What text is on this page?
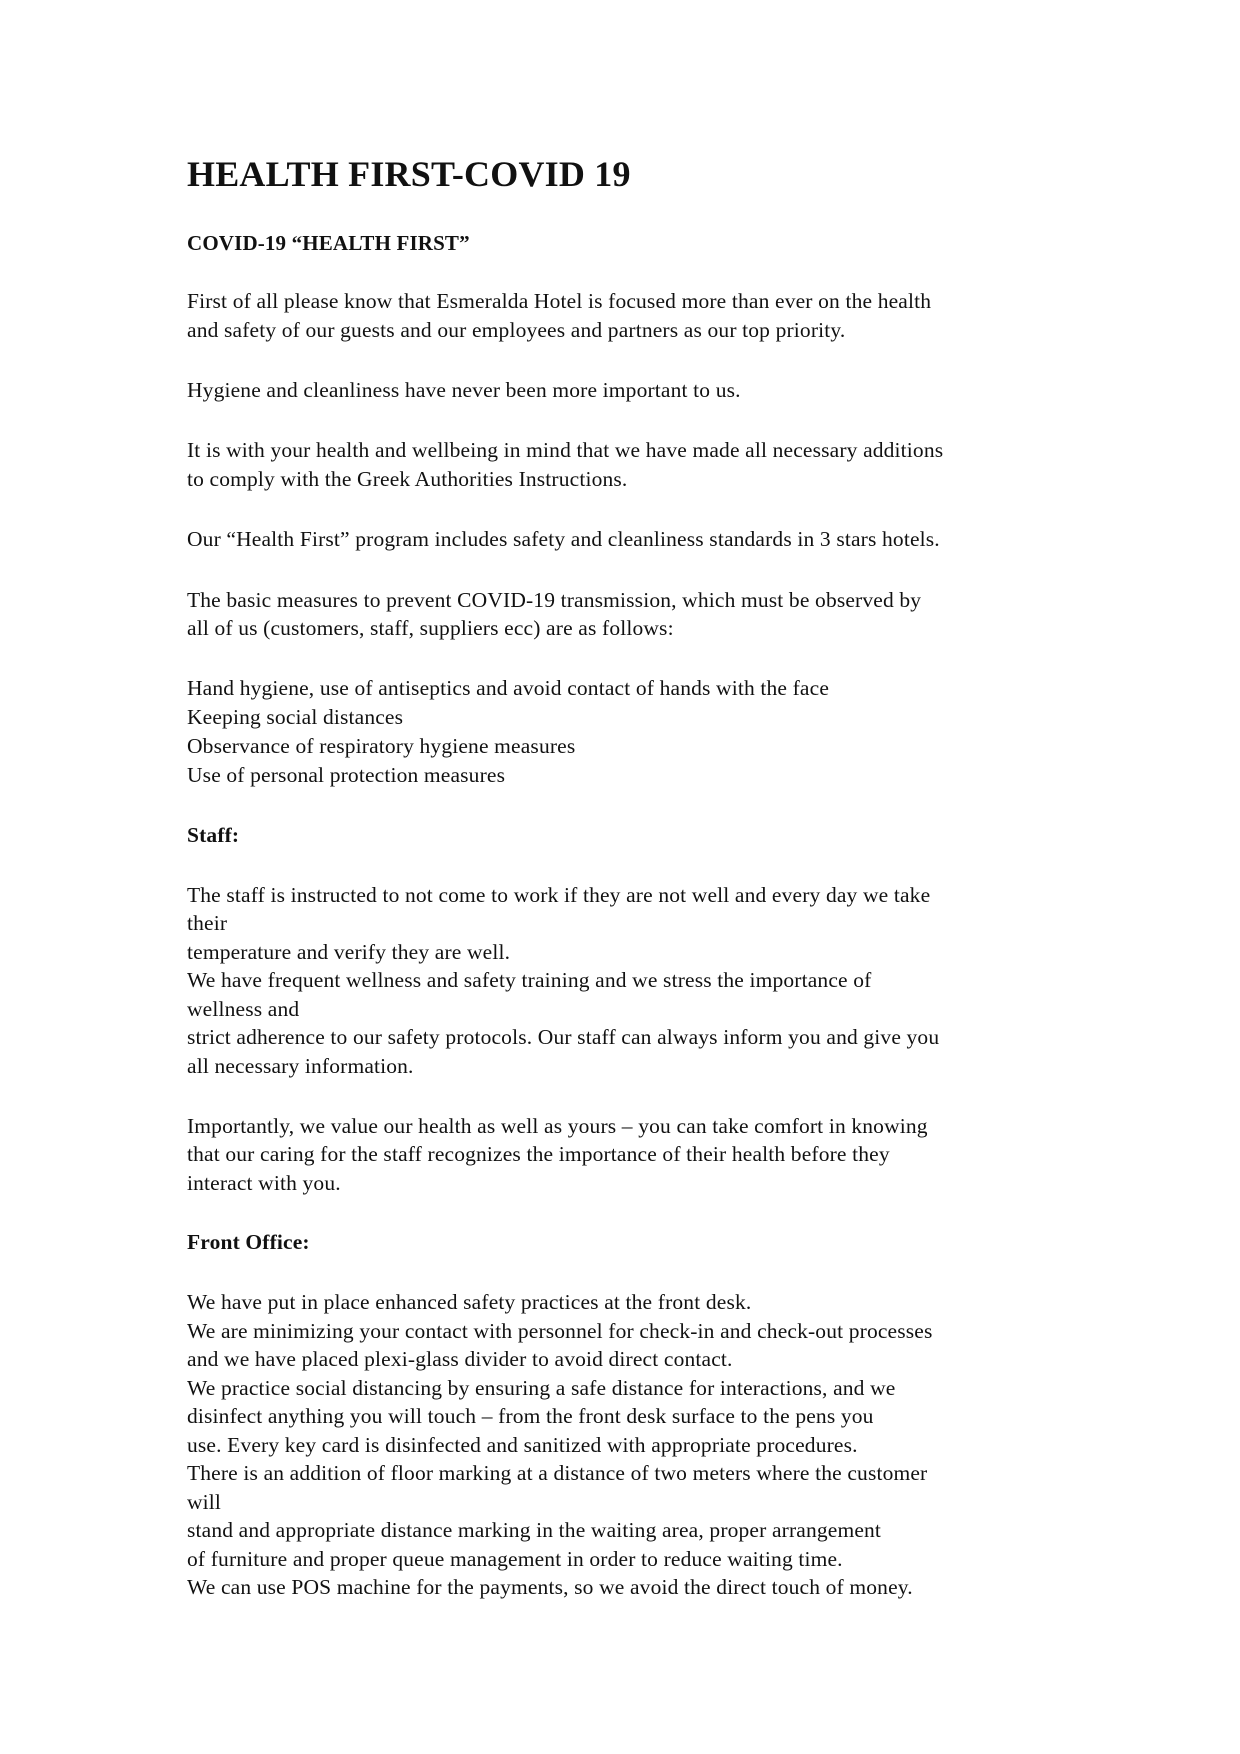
HEALTH FIRST-COVID 19
COVID-19 “HEALTH FIRST”
First of all please know that Esmeralda Hotel is focused more than ever on the health
and safety of our guests and our employees and partners as our top priority.
Hygiene and cleanliness have never been more important to us.
It is with your health and wellbeing in mind that we have made all necessary additions
to comply with the Greek Authorities Instructions.
Our “Health First” program includes safety and cleanliness standards in 3 stars hotels.
The basic measures to prevent COVID-19 transmission, which must be observed by
all of us (customers, staff, suppliers ecc) are as follows:
Hand hygiene, use of antiseptics and avoid contact of hands with the face
Keeping social distances
Observance of respiratory hygiene measures
Use of personal protection measures
Staff:
The staff is instructed to not come to work if they are not well and every day we take
their
temperature and verify they are well.
We have frequent wellness and safety training and we stress the importance of
wellness and
strict adherence to our safety protocols. Our staff can always inform you and give you
all necessary information.
Importantly, we value our health as well as yours – you can take comfort in knowing
that our caring for the staff recognizes the importance of their health before they
interact with you.
Front Office:
We have put in place enhanced safety practices at the front desk.
We are minimizing your contact with personnel for check-in and check-out processes
and we have placed plexi-glass divider to avoid direct contact.
We practice social distancing by ensuring a safe distance for interactions, and we
disinfect anything you will touch – from the front desk surface to the pens you
use. Every key card is disinfected and sanitized with appropriate procedures.
There is an addition of floor marking at a distance of two meters where the customer
will
stand and appropriate distance marking in the waiting area, proper arrangement
of furniture and proper queue management in order to reduce waiting time.
We can use POS machine for the payments, so we avoid the direct touch of money.
